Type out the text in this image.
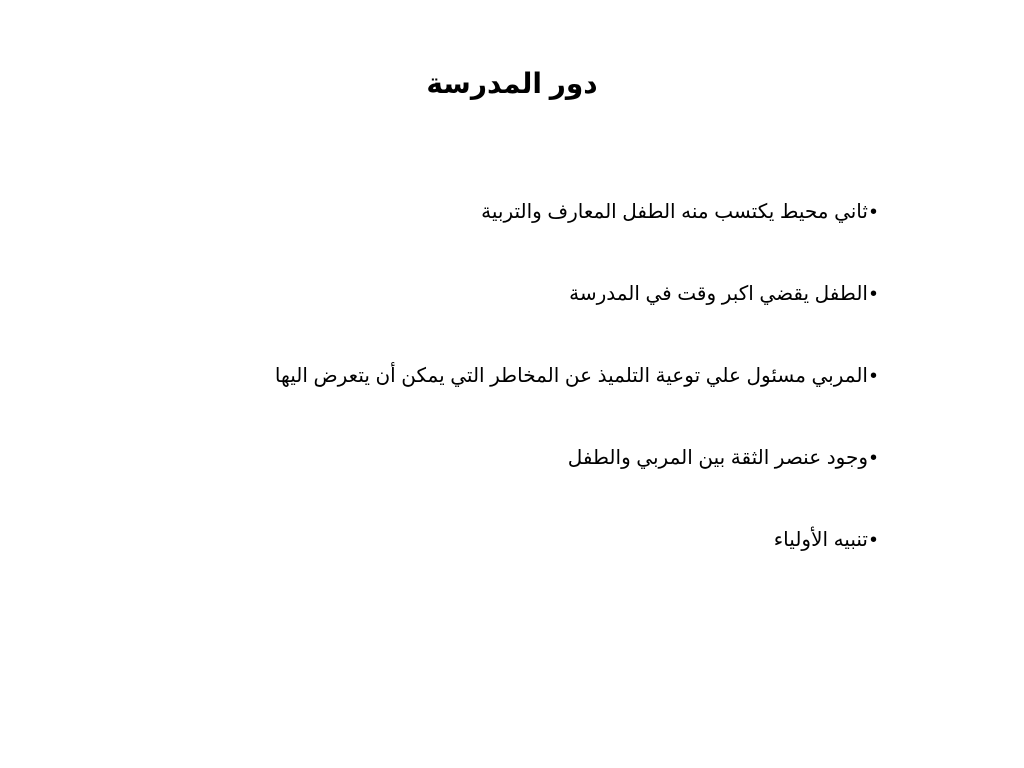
دور المدرسة
•
ثاني محيط يكتسب منه الطفل المعارف والتربية
•
الطفل يقضي اكبر وقت في المدرسة
•
المربي مسئول علي توعية التلميذ عن المخاطر التي يمكن أن يتعرض اليها
•
وجود عنصر الثقة بين المربي والطفل
•
تنبيه الأولياء
